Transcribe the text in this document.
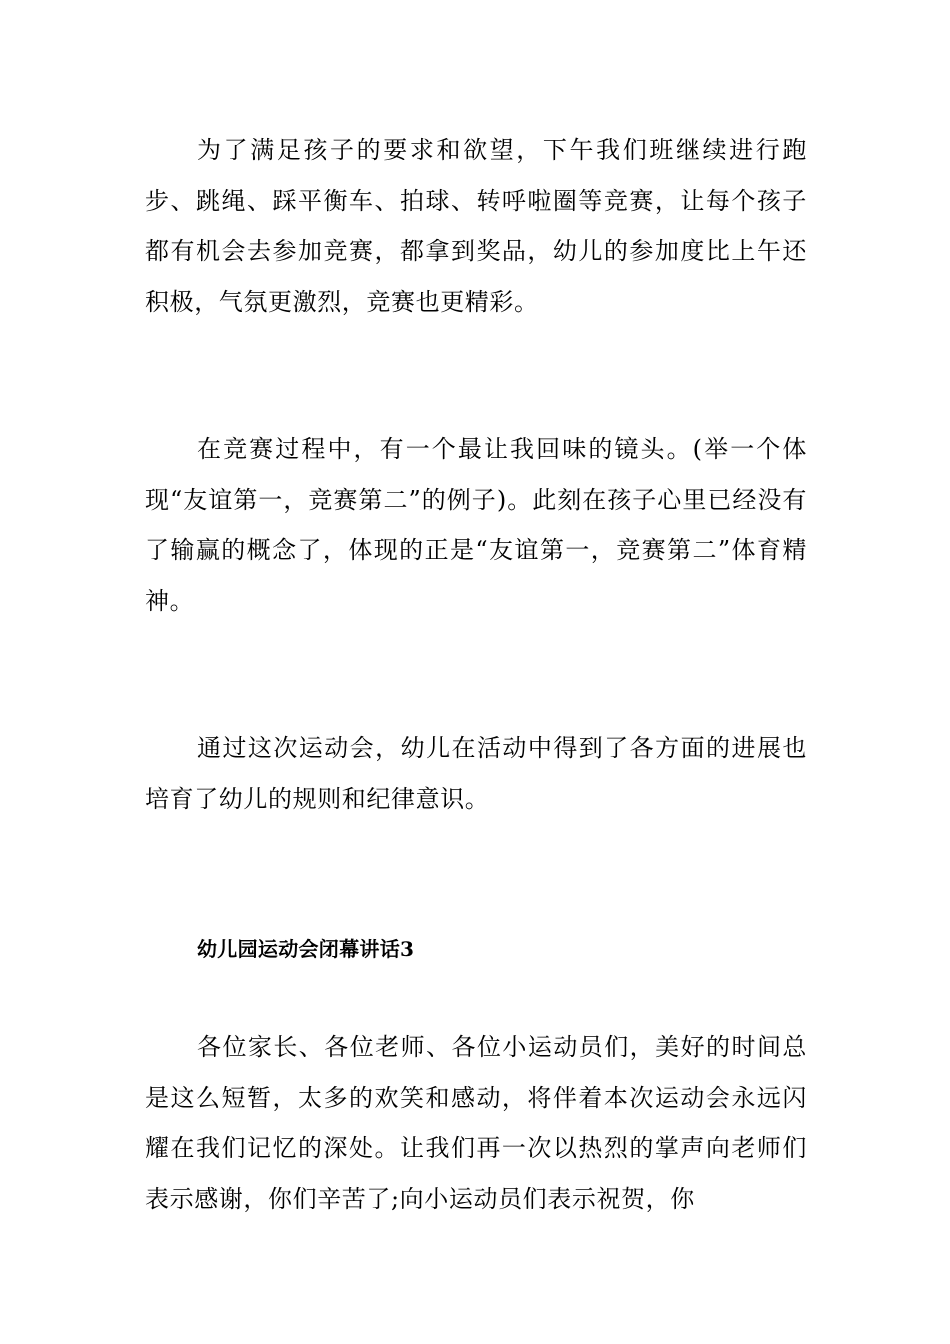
为了满足孩子的要求和欲望，下午我们班继续进行跑步、跳绳、踩平衡车、拍球、转呼啦圈等竞赛，让每个孩子都有机会去参加竞赛，都拿到奖品，幼儿的参加度比上午还积极，气氛更激烈，竞赛也更精彩。

在竞赛过程中，有一个最让我回味的镜头。(举一个体现“友谊第一，竞赛第二”的例子)。此刻在孩子心里已经没有了输赢的概念了，体现的正是“友谊第一，竞赛第二”体育精神。

通过这次运动会，幼儿在活动中得到了各方面的进展也培育了幼儿的规则和纪律意识。

幼儿园运动会闭幕讲话3

各位家长、各位老师、各位小运动员们，美好的时间总是这么短暂，太多的欢笑和感动，将伴着本次运动会永远闪耀在我们记忆的深处。让我们再一次以热烈的掌声向老师们表示感谢，你们辛苦了;向小运动员们表示祝贺，你
